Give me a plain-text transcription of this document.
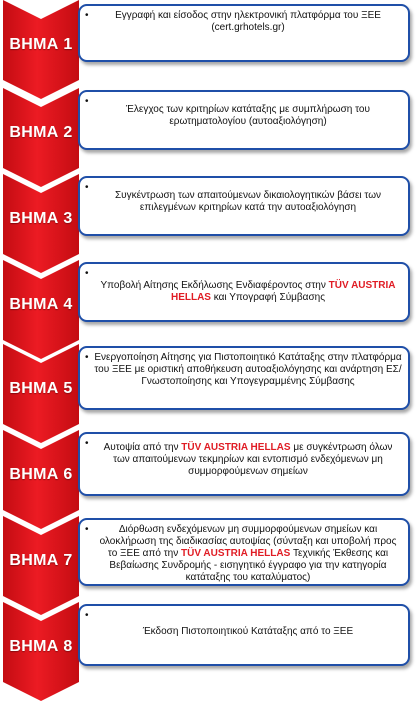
ΒΗΜΑ 1
•	Εγγραφή και είσοδος στην ηλεκτρονική πλατφόρμα του ΞΕΕ (cert.grhotels.gr)

ΒΗΜΑ 2
•

Έλεγχος των κριτηρίων κατάταξης με συμπλήρωση του ερωτηματολογίου (αυτοαξιολόγηση)

ΒΗΜΑ 3
•

Συγκέντρωση των απαιτούμενων δικαιολογητικών βάσει των επιλεγμένων κριτηρίων κατά την αυτοαξιολόγηση

ΒΗΜΑ 4
•

Υποβολή Αίτησης Εκδήλωσης Ενδιαφέροντος στην TÜV AUSTRIA HELLAS και Υπογραφή Σύμβασης

ΒΗΜΑ 5
• Ενεργοποίηση Αίτησης για Πιστοποιητικό Κατάταξης στην πλατφόρμα του ΞΕΕ με οριστική αποθήκευση αυτοαξιολόγησης και ανάρτηση ΕΣ/Γνωστοποίησης και Υπογεγραμμένης Σύμβασης

ΒΗΜΑ 6
•	Αυτοψία από την TÜV AUSTRIA HELLAS με συγκέντρωση όλων των απαιτούμενων τεκμηρίων και εντοπισμό ενδεχόμενων μη συμμορφούμενων σημείων

ΒΗΜΑ 7
•	Διόρθωση ενδεχόμενων μη συμμορφούμενων σημείων και ολοκλήρωση της διαδικασίας αυτοψίας (σύνταξη και υποβολή προς το ΞΕΕ από την TÜV AUSTRIA HELLAS Τεχνικής Έκθεσης και Βεβαίωσης Συνδρομής - εισηγητικό έγγραφο για την κατηγορία κατάταξης του καταλύματος)

ΒΗΜΑ 8
•

Έκδοση Πιστοποιητικού Κατάταξης από το ΞΕΕ
